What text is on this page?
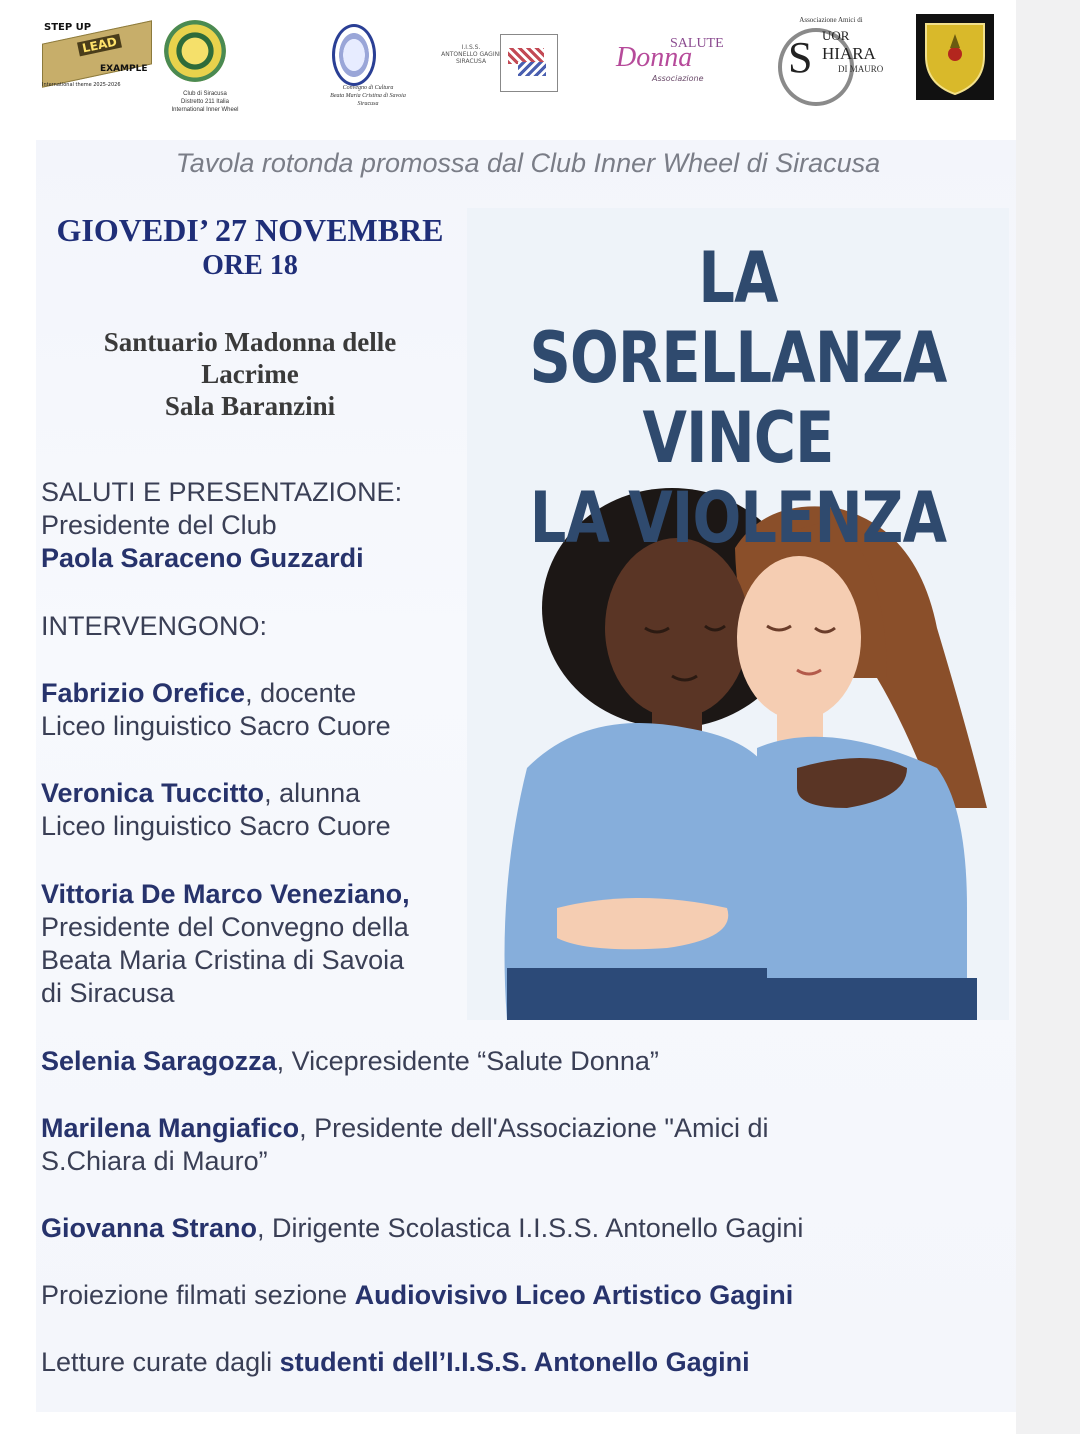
STEP UP
LEAD
EXAMPLE
International theme 2025-2026
Club di Siracusa
Distretto 211 Italia
International Inner Wheel
Convegno di Cultura
Beata Maria Cristina di Savoia
Siracusa
I.I.S.S.
ANTONELLO GAGINI
SIRACUSA	Donna
SALUTE
Associazione
Associazione Amici di
S UOR
HIARA
DI MAURO
Tavola rotonda promossa dal Club Inner Wheel di Siracusa
GIOVEDI’ 27 NOVEMBRE
ORE 18
Santuario Madonna delle
Lacrime
Sala Baranzini
LA SORELLANZA
VINCE
LA VIOLENZA
SALUTI E PRESENTAZIONE:
Presidente del Club
Paola Saraceno Guzzardi
INTERVENGONO:
Fabrizio Orefice, docente
Liceo linguistico Sacro Cuore
Veronica Tuccitto, alunna
Liceo linguistico Sacro Cuore
Vittoria De Marco Veneziano,
Presidente del Convegno della
Beata Maria Cristina di Savoia
di Siracusa
Selenia Saragozza, Vicepresidente “Salute Donna”
Marilena Mangiafico, Presidente dell'Associazione "Amici di
S.Chiara di Mauro”
Giovanna Strano, Dirigente Scolastica I.I.S.S. Antonello Gagini
Proiezione filmati sezione Audiovisivo Liceo Artistico Gagini
Letture curate dagli studenti dell’I.I.S.S. Antonello Gagini
